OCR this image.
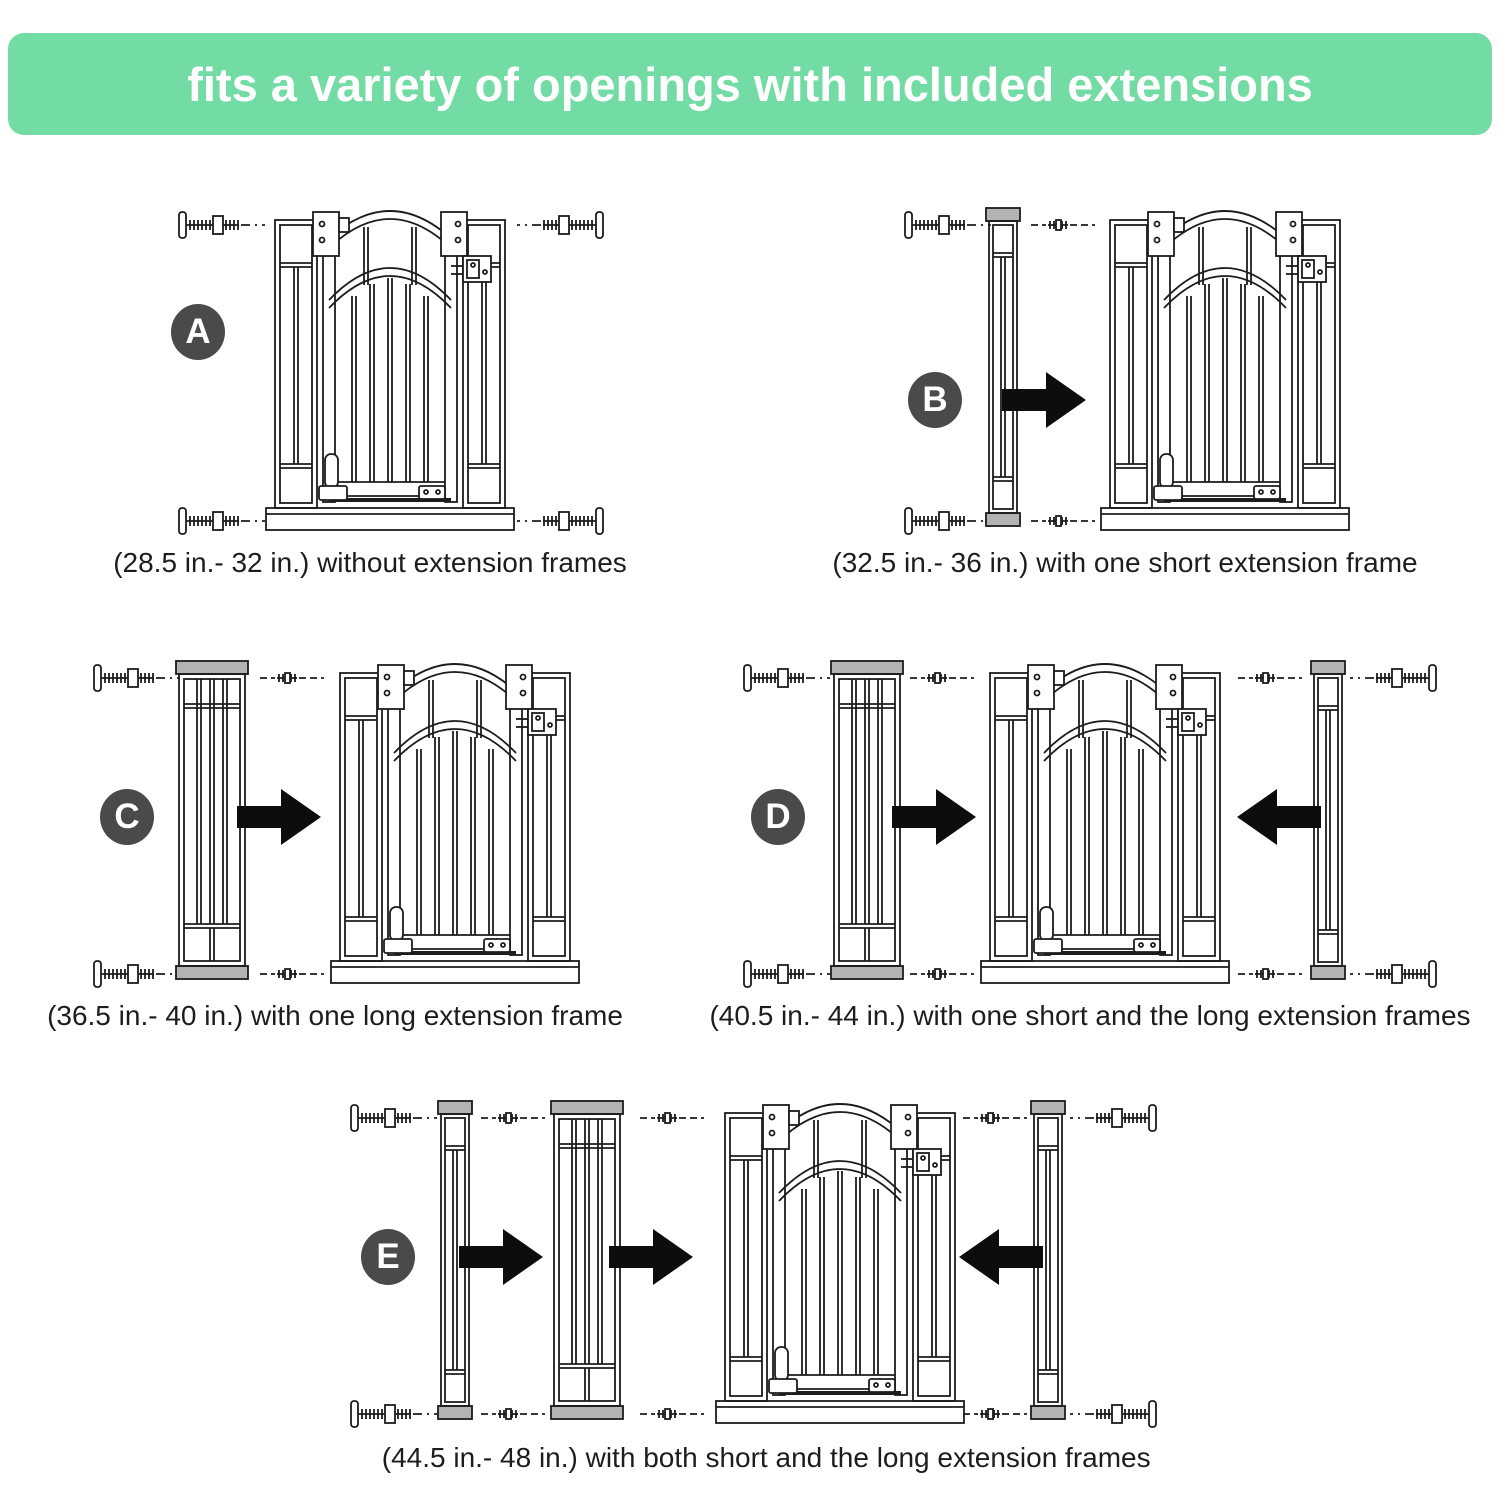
fits a variety of openings with included extensions
A
(28.5 in.- 32 in.) without extension frames
B
(32.5 in.- 36 in.) with one short extension frame
C
(36.5 in.- 40 in.) with one long extension frame
D
(40.5 in.- 44 in.) with one short and the long extension frames
E
(44.5 in.- 48 in.) with both short and the long extension frames
